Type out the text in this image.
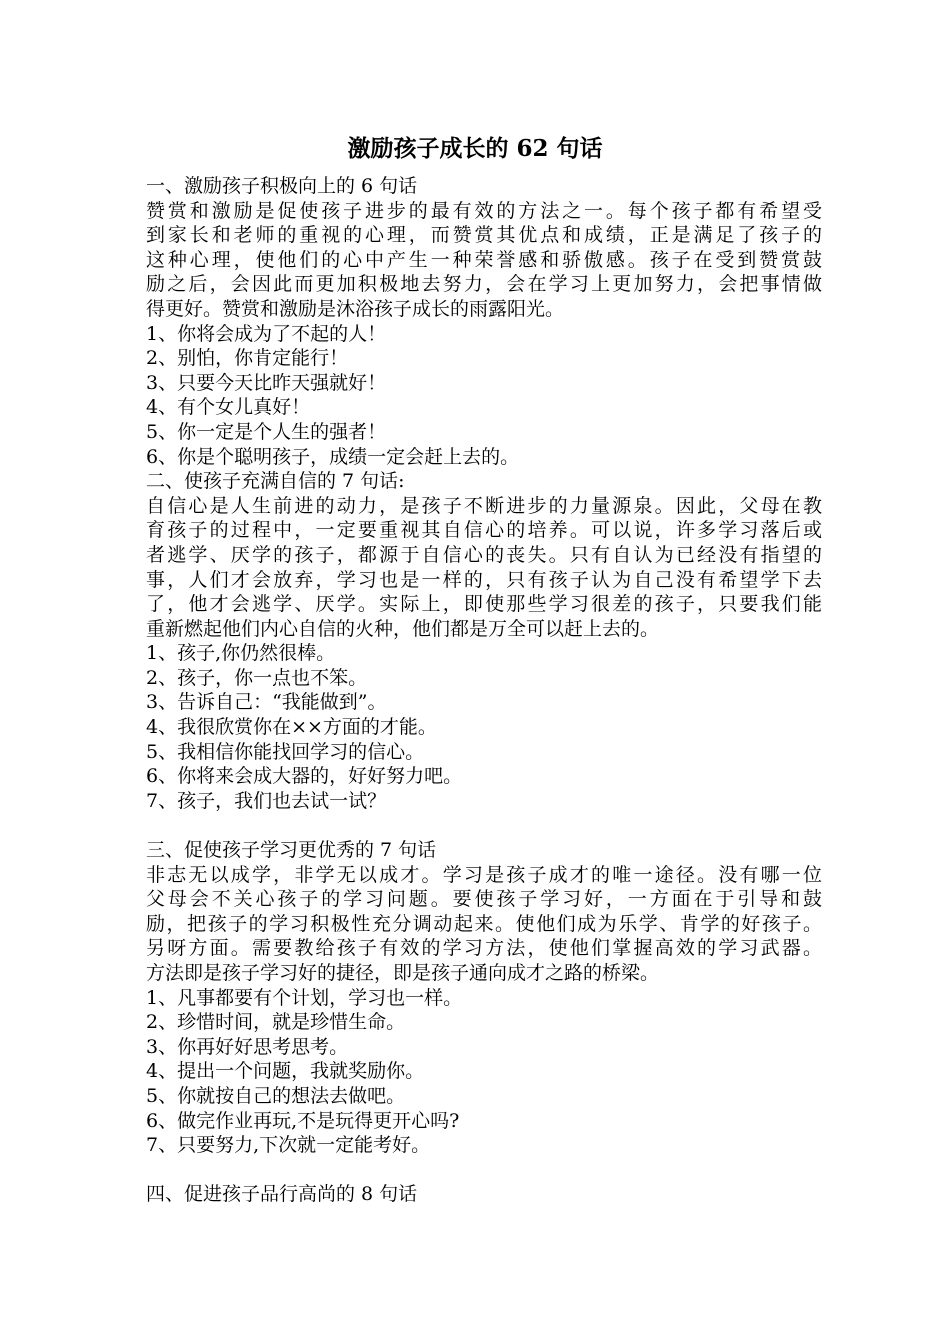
激励孩子成长的 62 句话
一、激励孩子积极向上的 6 句话
赞赏和激励是促使孩子进步的最有效的方法之一。每个孩子都有希望受
到家长和老师的重视的心理，而赞赏其优点和成绩，正是满足了孩子的
这种心理，使他们的心中产生一种荣誉感和骄傲感。孩子在受到赞赏鼓
励之后，会因此而更加积极地去努力，会在学习上更加努力，会把事情做
得更好。赞赏和激励是沐浴孩子成长的雨露阳光。
1、你将会成为了不起的人！
2、别怕，你肯定能行！
3、只要今天比昨天强就好！
4、有个女儿真好！
5、你一定是个人生的强者！
6、你是个聪明孩子，成绩一定会赶上去的。
二、使孩子充满自信的 7 句话:
自信心是人生前进的动力，是孩子不断进步的力量源泉。因此，父母在教
育孩子的过程中，一定要重视其自信心的培养。可以说，许多学习落后或
者逃学、厌学的孩子，都源于自信心的丧失。只有自认为已经没有指望的
事，人们才会放弃，学习也是一样的，只有孩子认为自己没有希望学下去
了，他才会逃学、厌学。实际上，即使那些学习很差的孩子，只要我们能
重新燃起他们内心自信的火种，他们都是万全可以赶上去的。
1、孩子,你仍然很棒。
2、孩子，你一点也不笨。
3、告诉自己：“我能做到”。
4、我很欣赏你在××方面的才能。
5、我相信你能找回学习的信心。
6、你将来会成大器的，好好努力吧。
7、孩子，我们也去试一试？
三、促使孩子学习更优秀的 7 句话
非志无以成学，非学无以成才。学习是孩子成才的唯一途径。没有哪一位
父母会不关心孩子的学习问题。要使孩子学习好，一方面在于引导和鼓
励，把孩子的学习积极性充分调动起来。使他们成为乐学、肯学的好孩子。
另呀方面。需要教给孩子有效的学习方法，使他们掌握高效的学习武器。
方法即是孩子学习好的捷径，即是孩子通向成才之路的桥梁。
1、凡事都要有个计划，学习也一样。
2、珍惜时间，就是珍惜生命。
3、你再好好思考思考。
4、提出一个问题，我就奖励你。
5、你就按自己的想法去做吧。
6、做完作业再玩,不是玩得更开心吗?
7、只要努力,下次就一定能考好。
四、促进孩子品行高尚的 8 句话
